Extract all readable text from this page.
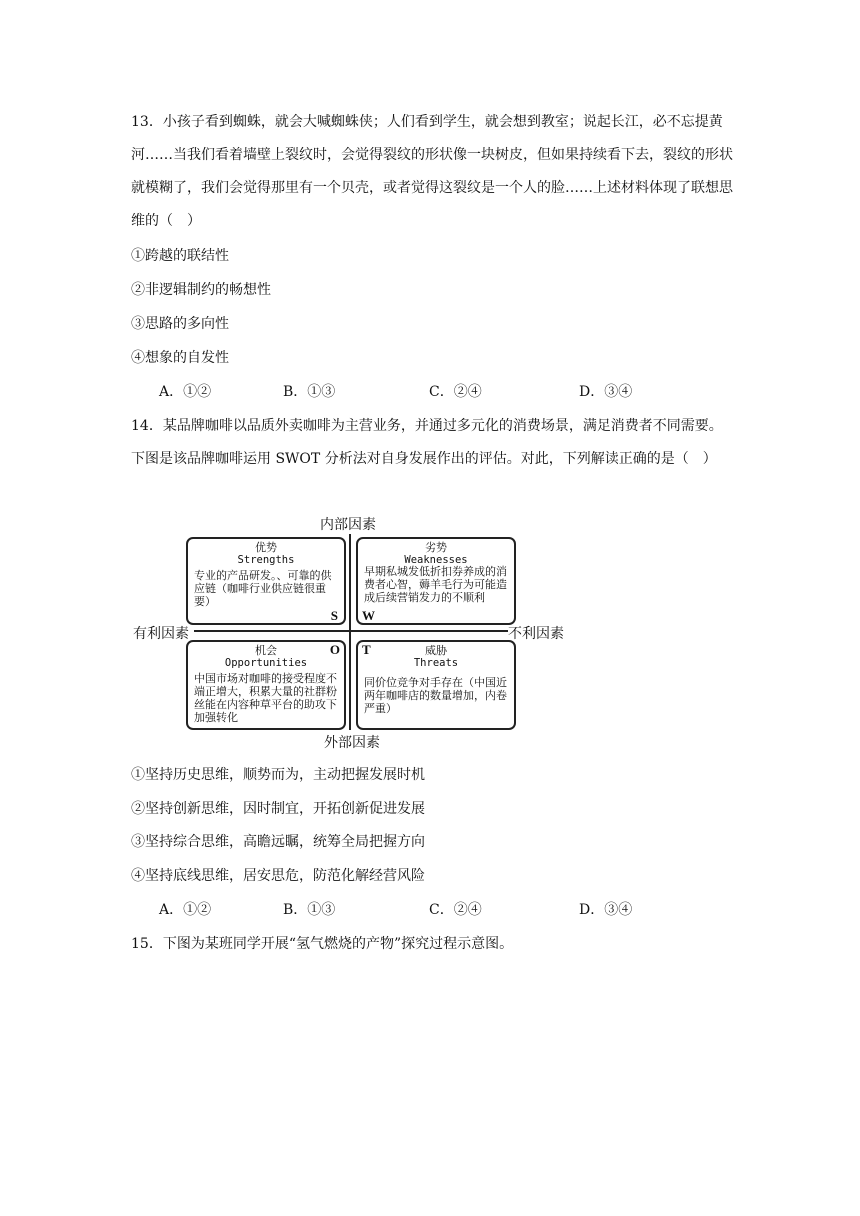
13．小孩子看到蜘蛛，就会大喊蜘蛛侠；人们看到学生，就会想到教室；说起长江，必不忘提黄河……当我们看着墙壁上裂纹时，会觉得裂纹的形状像一块树皮，但如果持续看下去，裂纹的形状就模糊了，我们会觉得那里有一个贝壳，或者觉得这裂纹是一个人的脸……上述材料体现了联想思维的（　）

①跨越的联结性
②非逻辑制约的畅想性
③思路的多向性
④想象的自发性
A．①②	B．①③	C．②④	D．③④

14．某品牌咖啡以品质外卖咖啡为主营业务，并通过多元化的消费场景，满足消费者不同需要。下图是该品牌咖啡运用 SWOT 分析法对自身发展作出的评估。对此，下列解读正确的是（　）

内部因素
外部因素
有利因素	不利因素
优势
Strengths
专业的产品研发。、可靠的供应链（咖啡行业供应链很重要）
S
劣势
Weaknesses
早期私城发低折扣券养成的消费者心智，薅羊毛行为可能造成后续营销发力的不顺利
W
机会
Opportunities
中国市场对咖啡的接受程度不端正增大，积累大量的社群粉丝能在内容种草平台的助攻下加强转化
O	威胁
Threats
同价位竞争对手存在（中国近两年咖啡店的数量增加，内卷严重）
T
①坚持历史思维，顺势而为，主动把握发展时机
②坚持创新思维，因时制宜，开拓创新促进发展
③坚持综合思维，高瞻远瞩，统筹全局把握方向
④坚持底线思维，居安思危，防范化解经营风险
A．①②	B．①③	C．②④	D．③④
15．下图为某班同学开展“氢气燃烧的产物”探究过程示意图。
